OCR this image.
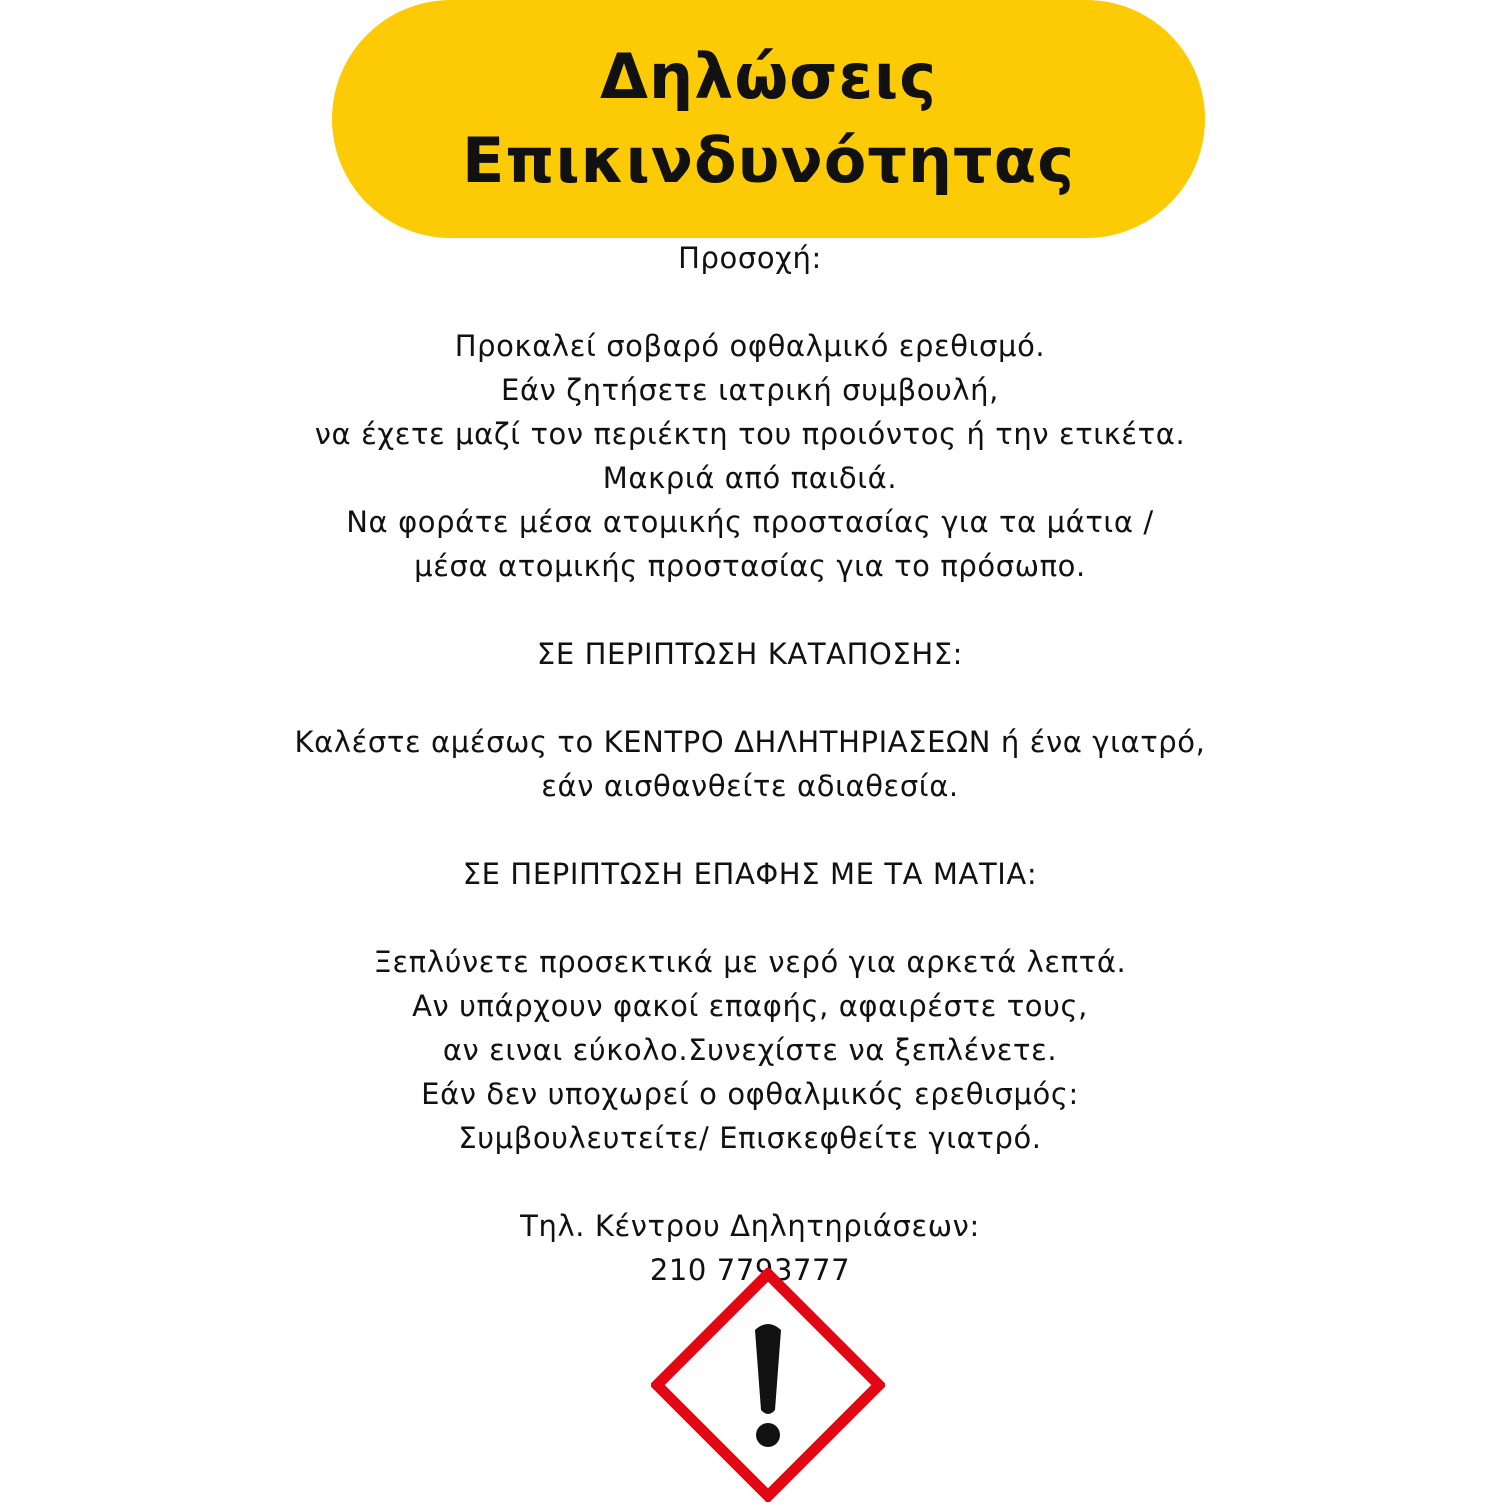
Δηλώσεις
Επικινδυνότητας
Προσοχή:
Προκαλεί σοβαρό οφθαλμικό ερεθισμό.
Εάν ζητήσετε ιατρική συμβουλή,
να έχετε μαζί τον περιέκτη του προιόντος ή την ετικέτα.
Μακριά από παιδιά.
Να φοράτε μέσα ατομικής προστασίας για τα μάτια /
μέσα ατομικής προστασίας για το πρόσωπο.
ΣΕ ΠΕΡΙΠΤΩΣΗ ΚΑΤΑΠΟΣΗΣ:
Καλέστε αμέσως το ΚΕΝΤΡΟ ΔΗΛΗΤΗΡΙΑΣΕΩΝ ή ένα γιατρό,
εάν αισθανθείτε αδιαθεσία.
ΣΕ ΠΕΡΙΠΤΩΣΗ ΕΠΑΦΗΣ ΜΕ ΤΑ ΜΑΤΙΑ:
Ξεπλύνετε προσεκτικά με νερό για αρκετά λεπτά.
Αν υπάρχουν φακοί επαφής, αφαιρέστε τους,
αν ειναι εύκολο.Συνεχίστε να ξεπλένετε.
Εάν δεν υποχωρεί ο οφθαλμικός ερεθισμός:
Συμβουλευτείτε/ Επισκεφθείτε γιατρό.
Τηλ. Κέντρου Δηλητηριάσεων:
210 7793777
